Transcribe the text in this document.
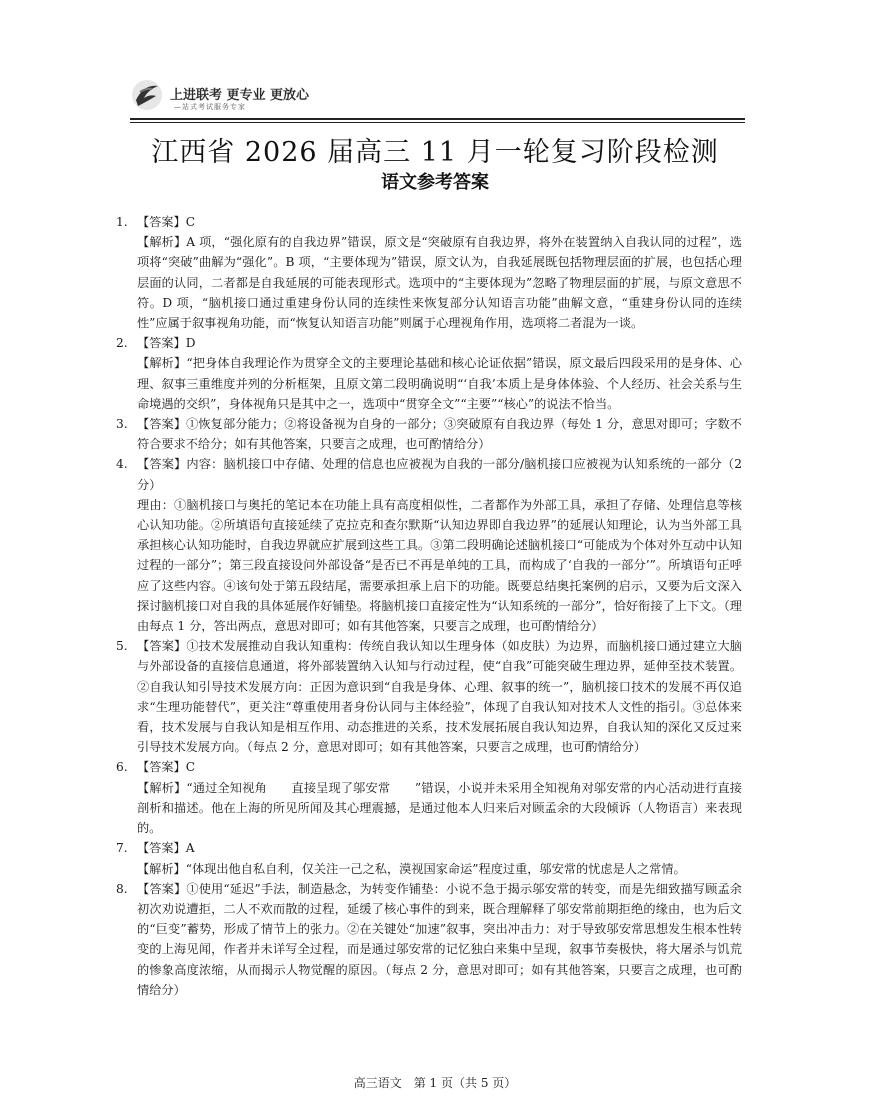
上进联考 更专业 更放心
—站式考试服务专家
江西省 2026 届高三 11 月一轮复习阶段检测
语文参考答案
1. 【答案】C
【解析】A 项，“强化原有的自我边界”错误，原文是“突破原有自我边界，将外在装置纳入自我认同的过程”，选项将“突破”曲解为“强化”。B 项，“主要体现为”错误，原文认为，自我延展既包括物理层面的扩展，也包括心理层面的认同，二者都是自我延展的可能表现形式。选项中的“主要体现为”忽略了物理层面的扩展，与原文意思不符。D 项，“脑机接口通过重建身份认同的连续性来恢复部分认知语言功能”曲解文意，“重建身份认同的连续性”应属于叙事视角功能，而“恢复认知语言功能”则属于心理视角作用，选项将二者混为一谈。
2. 【答案】D
【解析】“把身体自我理论作为贯穿全文的主要理论基础和核心论证依据”错误，原文最后四段采用的是身体、心理、叙事三重维度并列的分析框架，且原文第二段明确说明“‘自我’本质上是身体体验、个人经历、社会关系与生命境遇的交织”，身体视角只是其中之一，选项中“贯穿全文”“主要”“核心”的说法不恰当。
3. 【答案】①恢复部分能力；②将设备视为自身的一部分；③突破原有自我边界（每处 1 分，意思对即可；字数不符合要求不给分；如有其他答案，只要言之成理，也可酌情给分）
4. 【答案】内容：脑机接口中存储、处理的信息也应被视为自我的一部分/脑机接口应被视为认知系统的一部分（2 分）
理由：①脑机接口与奥托的笔记本在功能上具有高度相似性，二者都作为外部工具，承担了存储、处理信息等核心认知功能。②所填语句直接延续了克拉克和查尔默斯“认知边界即自我边界”的延展认知理论，认为当外部工具承担核心认知功能时，自我边界就应扩展到这些工具。③第二段明确论述脑机接口“可能成为个体对外互动中认知过程的一部分”；第三段直接设问外部设备“是否已不再是单纯的工具，而构成了‘自我的一部分’”。所填语句正呼应了这些内容。④该句处于第五段结尾，需要承担承上启下的功能。既要总结奥托案例的启示，又要为后文深入探讨脑机接口对自我的具体延展作好铺垫。将脑机接口直接定性为“认知系统的一部分”，恰好衔接了上下文。（理由每点 1 分，答出两点，意思对即可；如有其他答案，只要言之成理，也可酌情给分）
5. 【答案】①技术发展推动自我认知重构：传统自我认知以生理身体（如皮肤）为边界，而脑机接口通过建立大脑与外部设备的直接信息通道，将外部装置纳入认知与行动过程，使“自我”可能突破生理边界，延伸至技术装置。②自我认知引导技术发展方向：正因为意识到“自我是身体、心理、叙事的统一”，脑机接口技术的发展不再仅追求“生理功能替代”，更关注“尊重使用者身份认同与主体经验”，体现了自我认知对技术人文性的指引。③总体来看，技术发展与自我认知是相互作用、动态推进的关系，技术发展拓展自我认知边界，自我认知的深化又反过来引导技术发展方向。（每点 2 分，意思对即可；如有其他答案，只要言之成理，也可酌情给分）
6. 【答案】C
【解析】“通过全知视角　　直接呈现了邬安常　　”错误，小说并未采用全知视角对邬安常的内心活动进行直接剖析和描述。他在上海的所见所闻及其心理震撼，是通过他本人归来后对顾孟余的大段倾诉（人物语言）来表现的。
7. 【答案】A
【解析】“体现出他自私自利，仅关注一己之私，漠视国家命运”程度过重，邬安常的忧虑是人之常情。
8. 【答案】①使用“延迟”手法，制造悬念，为转变作铺垫：小说不急于揭示邬安常的转变，而是先细致描写顾孟余初次劝说遭拒，二人不欢而散的过程，延缓了核心事件的到来，既合理解释了邬安常前期拒绝的缘由，也为后文的“巨变”蓄势，形成了情节上的张力。②在关键处“加速”叙事，突出冲击力：对于导致邬安常思想发生根本性转变的上海见闻，作者并未详写全过程，而是通过邬安常的记忆独白来集中呈现，叙事节奏极快，将大屠杀与饥荒的惨象高度浓缩，从而揭示人物觉醒的原因。（每点 2 分，意思对即可；如有其他答案，只要言之成理，也可酌情给分）
高三语文　第 1 页（共 5 页）
